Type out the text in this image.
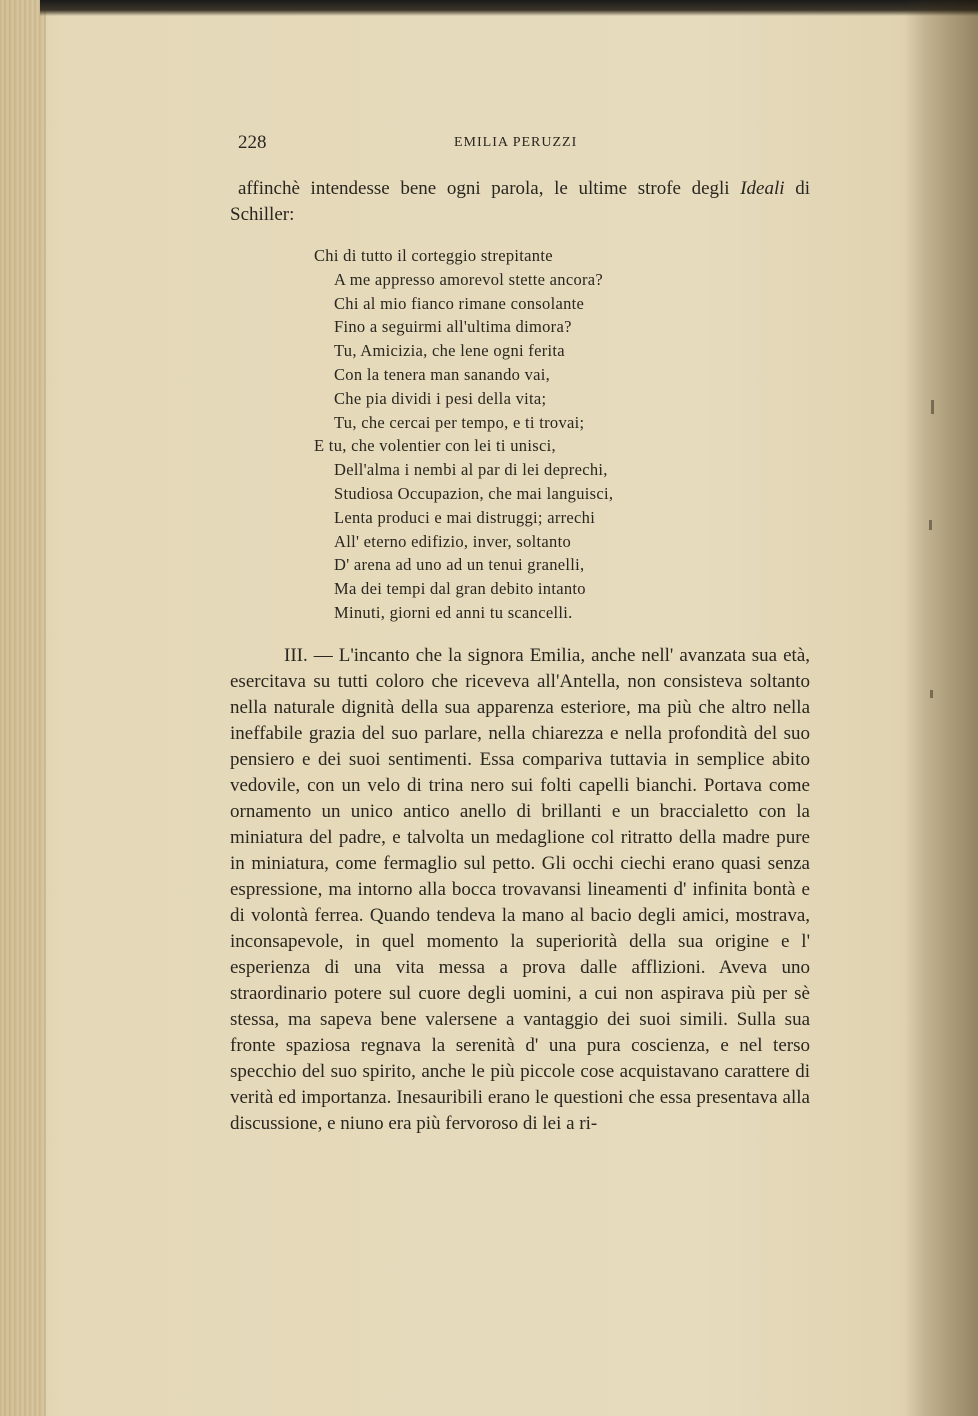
228	EMILIA PERUZZI

affinchè intendesse bene ogni parola, le ultime strofe degli Ideali di Schiller:

Chi di tutto il corteggio strepitante
A me appresso amorevol stette ancora?
Chi al mio fianco rimane consolante
Fino a seguirmi all'ultima dimora?
Tu, Amicizia, che lene ogni ferita
Con la tenera man sanando vai,
Che pia dividi i pesi della vita;
Tu, che cercai per tempo, e ti trovai;
E tu, che volentier con lei ti unisci,
Dell'alma i nembi al par di lei deprechi,
Studiosa Occupazion, che mai languisci,
Lenta produci e mai distruggi; arrechi
All' eterno edifizio, inver, soltanto
D' arena ad uno ad un tenui granelli,
Ma dei tempi dal gran debito intanto
Minuti, giorni ed anni tu scancelli.

III. — L'incanto che la signora Emilia, anche nell' avanzata sua età, esercitava su tutti coloro che riceveva all'Antella, non consisteva soltanto nella naturale dignità della sua apparenza esteriore, ma più che altro nella ineffabile grazia del suo parlare, nella chiarezza e nella profondità del suo pensiero e dei suoi sentimenti. Essa compariva tuttavia in semplice abito vedovile, con un velo di trina nero sui folti capelli bianchi. Portava come ornamento un unico antico anello di brillanti e un braccialetto con la miniatura del padre, e talvolta un medaglione col ritratto della madre pure in miniatura, come fermaglio sul petto. Gli occhi ciechi erano quasi senza espressione, ma intorno alla bocca trovavansi lineamenti d' infinita bontà e di volontà ferrea. Quando tendeva la mano al bacio degli amici, mostrava, inconsapevole, in quel momento la superiorità della sua origine e l' esperienza di una vita messa a prova dalle afflizioni. Aveva uno straordinario potere sul cuore degli uomini, a cui non aspirava più per sè stessa, ma sapeva bene valersene a vantaggio dei suoi simili. Sulla sua fronte spaziosa regnava la serenità d' una pura coscienza, e nel terso specchio del suo spirito, anche le più piccole cose acquistavano carattere di verità ed importanza. Inesauribili erano le questioni che essa presentava alla discussione, e niuno era più fervoroso di lei a ri-
